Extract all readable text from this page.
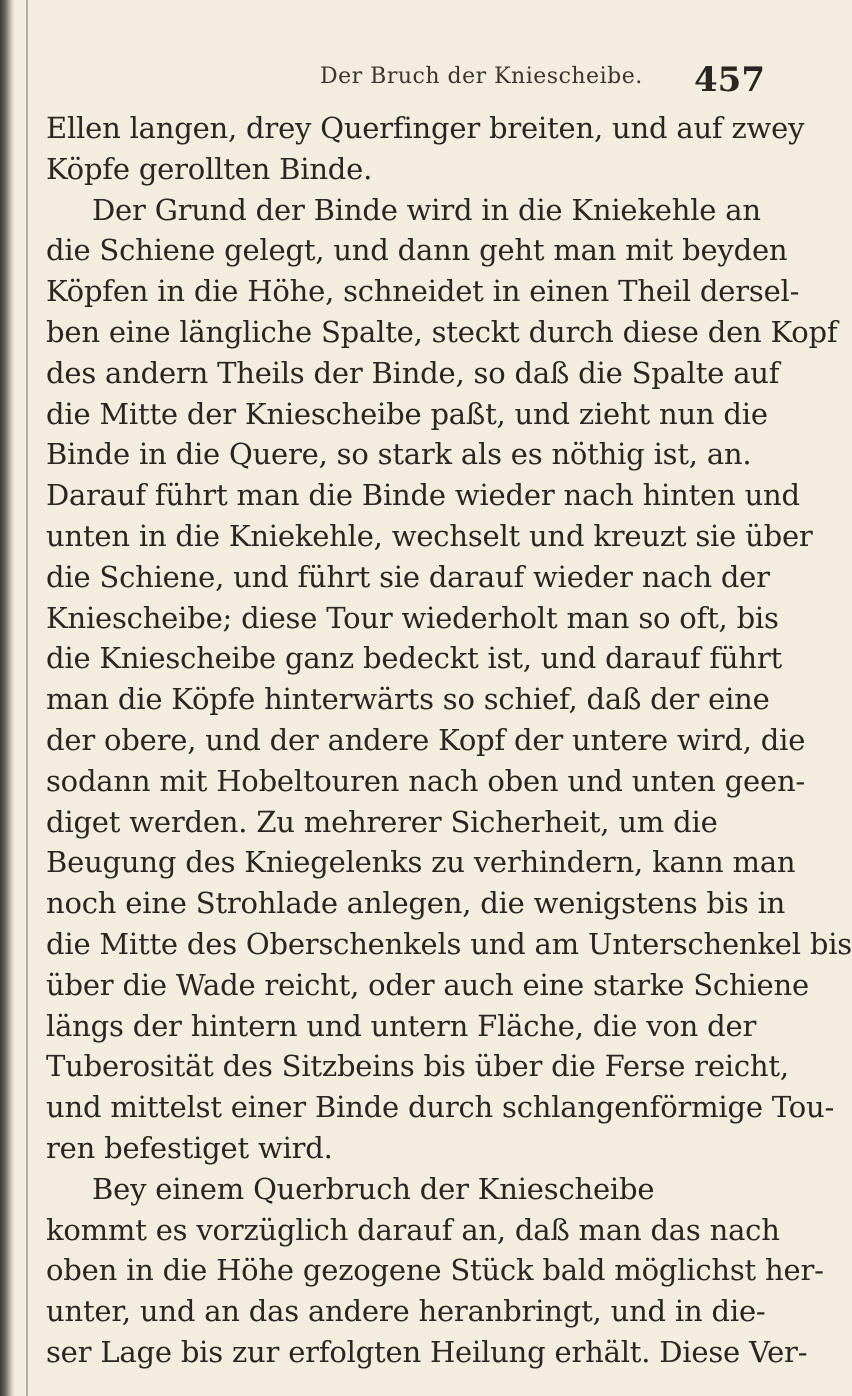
Der Bruch der Kniescheibe. 457
Ellen langen, drey Querfinger breiten, und auf zwey
Köpfe gerollten Binde.
Der Grund der Binde wird in die Kniekehle an
die Schiene gelegt, und dann geht man mit beyden
Köpfen in die Höhe, schneidet in einen Theil dersel-
ben eine längliche Spalte, steckt durch diese den Kopf
des andern Theils der Binde, so daß die Spalte auf
die Mitte der Kniescheibe paßt, und zieht nun die
Binde in die Quere, so stark als es nöthig ist, an.
Darauf führt man die Binde wieder nach hinten und
unten in die Kniekehle, wechselt und kreuzt sie über
die Schiene, und führt sie darauf wieder nach der
Kniescheibe; diese Tour wiederholt man so oft, bis
die Kniescheibe ganz bedeckt ist, und darauf führt
man die Köpfe hinterwärts so schief, daß der eine
der obere, und der andere Kopf der untere wird, die
sodann mit Hobeltouren nach oben und unten geen-
diget werden. Zu mehrerer Sicherheit, um die
Beugung des Kniegelenks zu verhindern, kann man
noch eine Strohlade anlegen, die wenigstens bis in
die Mitte des Oberschenkels und am Unterschenkel bis
über die Wade reicht, oder auch eine starke Schiene
längs der hintern und untern Fläche, die von der
Tuberosität des Sitzbeins bis über die Ferse reicht,
und mittelst einer Binde durch schlangenförmige Tou-
ren befestiget wird.
Bey einem Querbruch der Kniescheibe
kommt es vorzüglich darauf an, daß man das nach
oben in die Höhe gezogene Stück bald möglichst her-
unter, und an das andere heranbringt, und in die-
ser Lage bis zur erfolgten Heilung erhält. Diese Ver-
